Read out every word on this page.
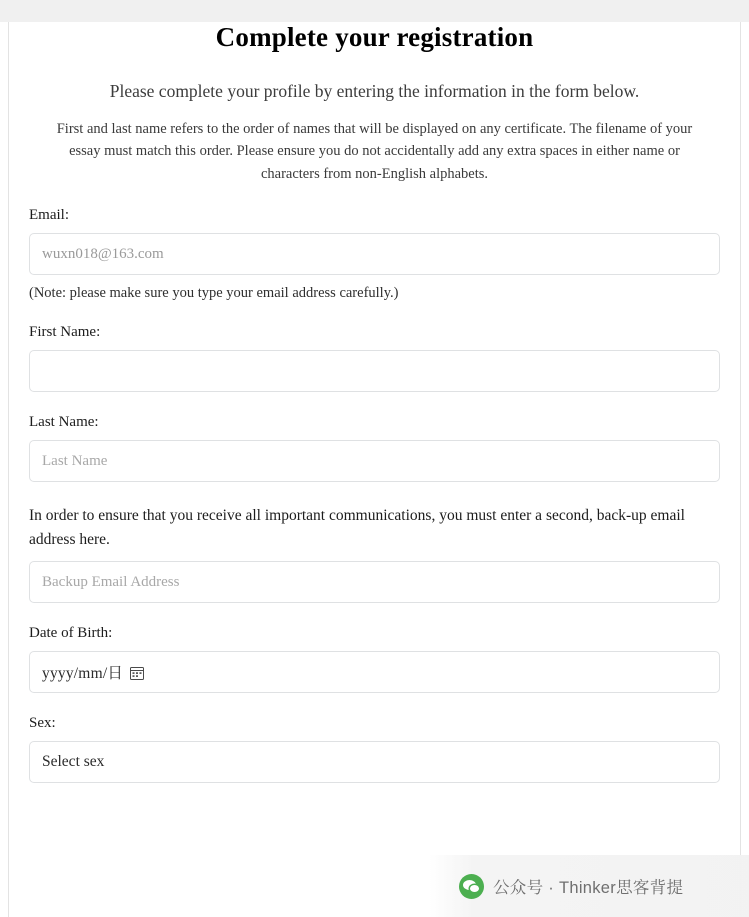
Complete your registration

Please complete your profile by entering the information in the form below.

First and last name refers to the order of names that will be displayed on any certificate. The filename of your essay must match this order. Please ensure you do not accidentally add any extra spaces in either name or characters from non-English alphabets.

Email:
wuxn018@163.com
(Note: please make sure you type your email address carefully.)
First Name:
Last Name:
Last Name
In order to ensure that you receive all important communications, you must enter a second, back-up email address here.
Backup Email Address
Date of Birth:
yyyy/mm/日
Sex:
Select sex
公众号 · Thinker思客背提
